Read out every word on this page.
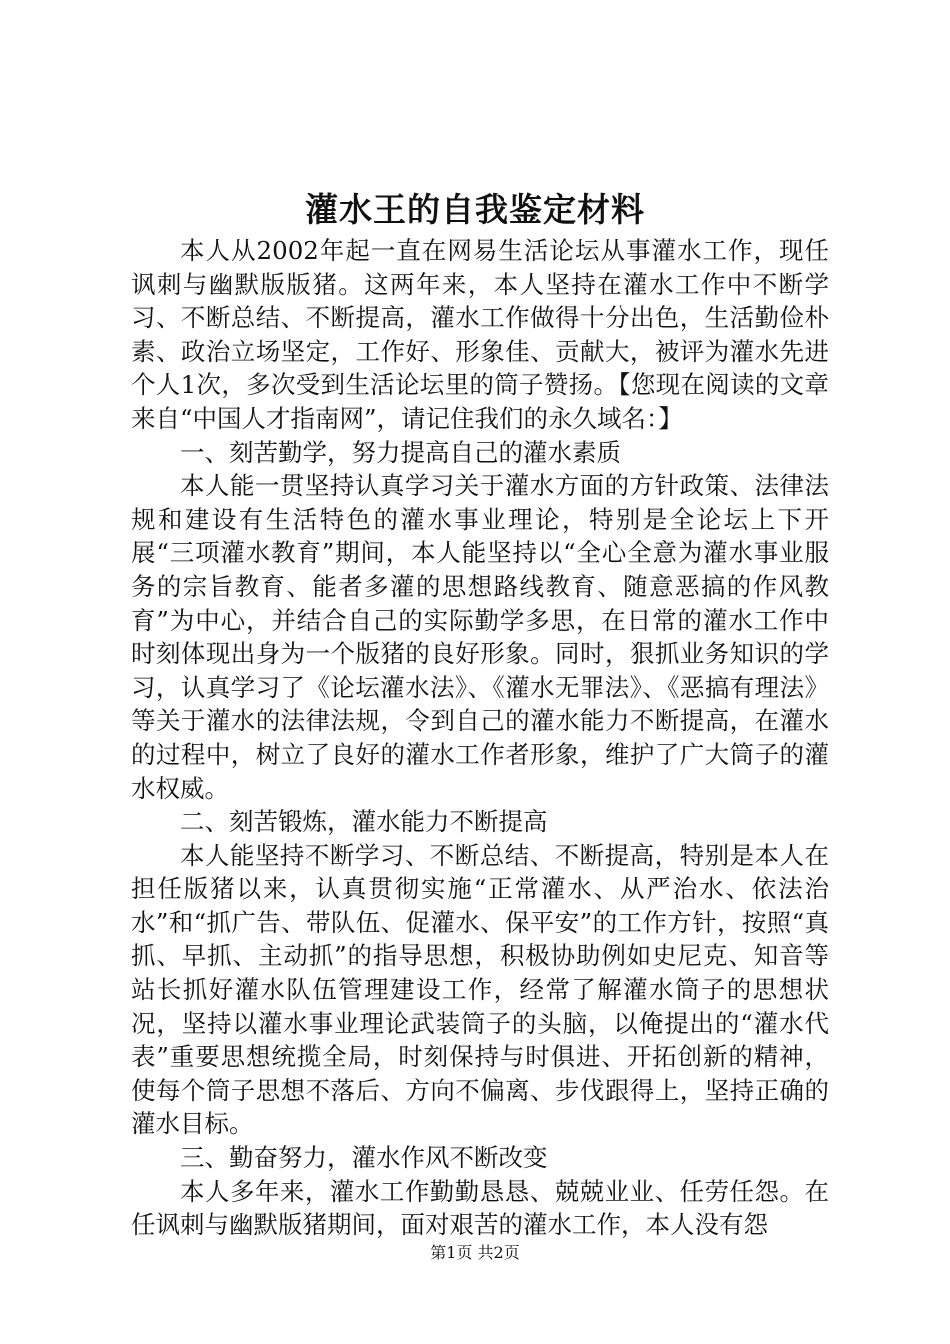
灌水王的自我鉴定材料

本人从2002年起一直在网易生活论坛从事灌水工作，现任讽刺与幽默版版猪。这两年来，本人坚持在灌水工作中不断学习、不断总结、不断提高，灌水工作做得十分出色，生活勤俭朴素、政治立场坚定，工作好、形象佳、贡献大，被评为灌水先进个人1次，多次受到生活论坛里的筒子赞扬。【您现在阅读的文章来自“中国人才指南网”，请记住我们的永久域名：】

一、刻苦勤学，努力提高自己的灌水素质

本人能一贯坚持认真学习关于灌水方面的方针政策、法律法规和建设有生活特色的灌水事业理论，特别是全论坛上下开展“三项灌水教育”期间，本人能坚持以“全心全意为灌水事业服务的宗旨教育、能者多灌的思想路线教育、随意恶搞的作风教育”为中心，并结合自己的实际勤学多思，在日常的灌水工作中时刻体现出身为一个版猪的良好形象。同时，狠抓业务知识的学习，认真学习了《论坛灌水法》、《灌水无罪法》、《恶搞有理法》等关于灌水的法律法规，令到自己的灌水能力不断提高，在灌水的过程中，树立了良好的灌水工作者形象，维护了广大筒子的灌水权威。

二、刻苦锻炼，灌水能力不断提高

本人能坚持不断学习、不断总结、不断提高，特别是本人在担任版猪以来，认真贯彻实施“正常灌水、从严治水、依法治水”和“抓广告、带队伍、促灌水、保平安”的工作方针，按照“真抓、早抓、主动抓”的指导思想，积极协助例如史尼克、知音等站长抓好灌水队伍管理建设工作，经常了解灌水筒子的思想状况，坚持以灌水事业理论武装筒子的头脑，以俺提出的“灌水代表”重要思想统揽全局，时刻保持与时俱进、开拓创新的精神，使每个筒子思想不落后、方向不偏离、步伐跟得上，坚持正确的灌水目标。

三、勤奋努力，灌水作风不断改变

本人多年来，灌水工作勤勤恳恳、兢兢业业、任劳任怨。在任讽刺与幽默版猪期间，面对艰苦的灌水工作，本人没有怨

第1页 共2页
